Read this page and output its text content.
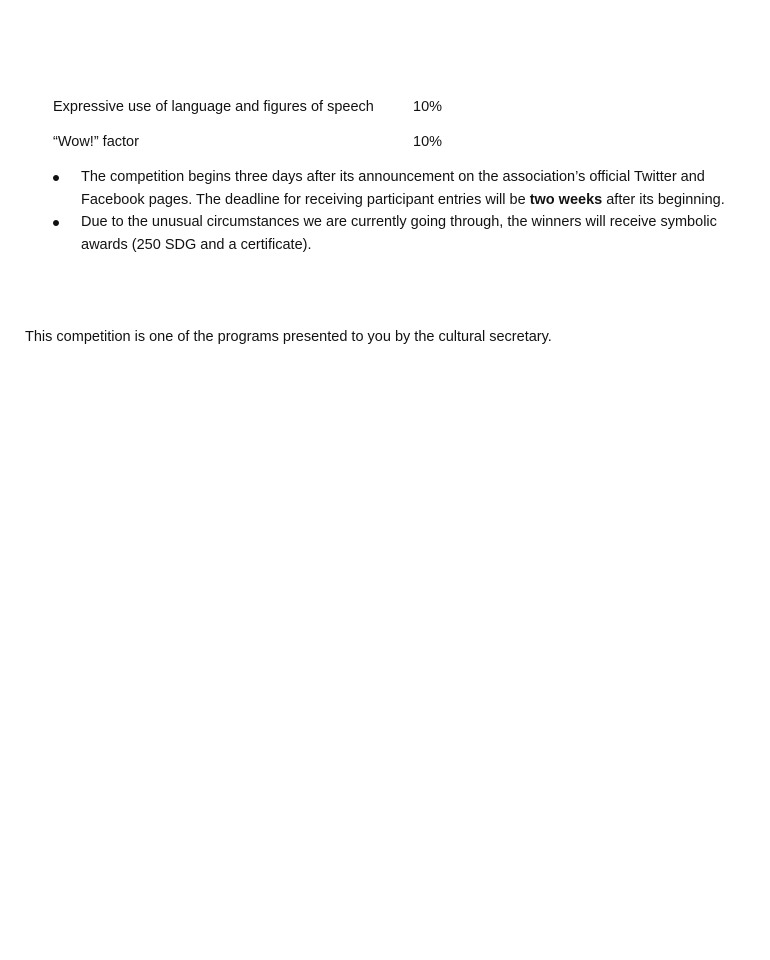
Expressive use of language and figures of speech	10%
“Wow!” factor	10%
The competition begins three days after its announcement on the association’s official Twitter and Facebook pages. The deadline for receiving participant entries will be two weeks after its beginning.
Due to the unusual circumstances we are currently going through, the winners will receive symbolic awards (250 SDG and a certificate).
This competition is one of the programs presented to you by the cultural secretary.
